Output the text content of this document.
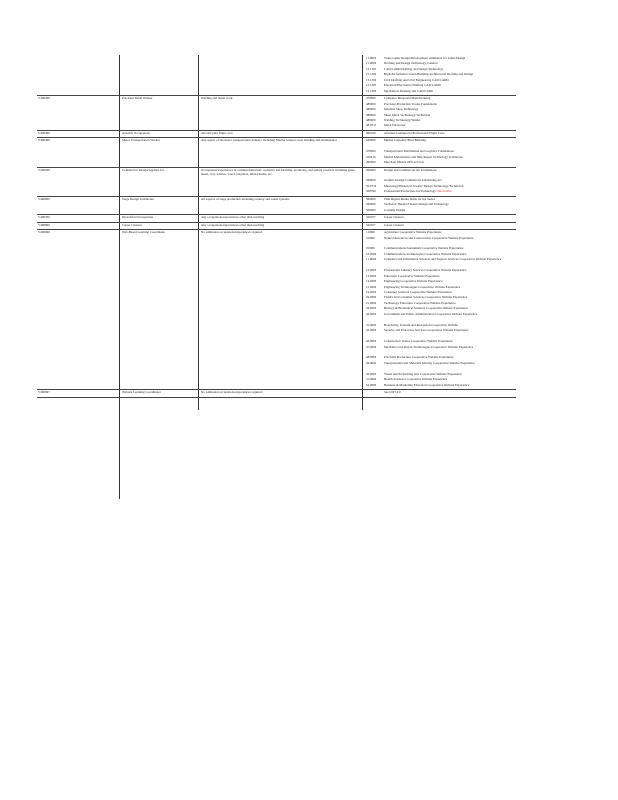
11.0000 Video Game Design/Development Animation for Game Design
11.0000 Drafting and Design Technology, General
15.1301 CAD/CADD Drafting and Design Technology
15.1302 High-Performance Green Building Architectural Drafting and Design
15.1304 Civil Drafting and Civil Engineering CAD/CADD
15.1303 Electrical/Electronics Drafting CAD/CADD
15.1306 Mechanical Drafting and CAD/CADD
V490200	Precision Metal Worker	Welding and metal work	470000	Computer Integrated Manufacturing
480000	Precision Production Trades Foundations
480000	Machine Shop Technology
480000	Sheet Metal Technology/Technician
480000	Welding Technology/Welder
48.0511 Metal Fabricator
V490300	Aviation Occupations	Aircraft/pilot flight crew	490100	Aviation/Commercial/Professional Flight Crew
V490400	Motor Transportation Worker	Any aspect of the motor transportation industry including Marine Science, boat building and maintenance	430000	Marine Carpentry/Boat Building
470000	Transportation Distribution and Logistics Foundations
470616	Marine Maintenance and Ship Repair Technology Technician
490000	Merchant Marine Officer/Crew
V490500	Commercial Design/Applied Art	Occupations/experiences in commercialization, creativity and Drafting, producing, and selling products including glass, metal, clay, textiles, wood, polymers, mixed media, etc.
500000	Design and Commercial Art Foundations
500400	Graphic Design/Commercial Advertising Art
50.0710 Museology/Historical Jewelry Design Technology/Technician
500799	Professional/Production Art/Technology/ Decorative
V490600	Stage Design Technician	All aspects of stage production including scenery and sound systems	500000	Film Digital Media Skills for the Series
500000	Technical Theatre/Theater Design and Technology
500000	Costume Design
V490700	Diversified Occupations	Any occupations/experiences other than teaching	320107	Career Clusters
V490800	Career Clusters	Any occupations/experiences other than teaching	320107	Career Clusters
V490900	Web-Based Learning Coordinator	No additional occupations/experiences required	1.0000	Agriculture Cooperative Website Experience
3.0000	Natural Resources and Conservation Cooperative Website Experience
9.0000	Communications/Journalism Cooperative Website Experience
10.0000 Communications Technologies Cooperative Website Experience
11.0000 Computer and Information Sciences and Support Services Cooperative Website Experience
12.0000 Professional Culinary Services Cooperative Website Experience
13.0000 Education Cooperative Website Experience
14.0000 Engineering Cooperative Website Experience
15.0000 Engineering Technologies Cooperative Website Experience
19.0000 Consumer Sciences Cooperative Website Experience
29.0000 Family and Consumer Sciences Cooperative Website Experience
21.0000 Technology Education Cooperative Website Experience
26.0000 Biology & Biomedical Sciences Cooperative Website Experience
44.0000 Government and Public Administration Cooperative Website Experience
31.0000 Hospitality, Tourism and Recreation Cooperative Website
43.0000 Security and Protective Services Cooperative Website Experience
46.0000 Construction Trades Cooperative Website Experience
47.0000 Mechanics and Repair Technologies Cooperative Website Experience
48.0000 Precision Production Cooperative Website Experience
49.0000 Transportation and Materials Moving Cooperative Website Experience
50.0000 Visual and Performing Arts Cooperative Website Experience
51.0000 Health Sciences Cooperative Website Experience
52.0000 Business & Marketing Education Cooperative Website Experience
V490997	Website Learning Coordinator	No additional occupations/experiences required	See CIP 10.0
